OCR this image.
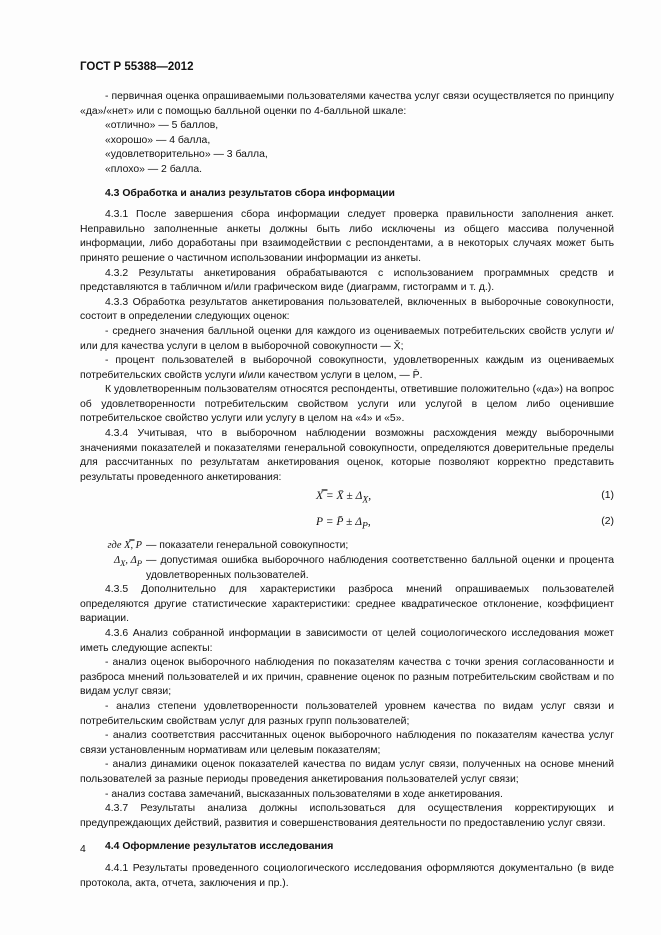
ГОСТ Р 55388—2012

- первичная оценка опрашиваемыми пользователями качества услуг связи осуществляется по принципу «да»/«нет» или с помощью балльной оценки по 4-балльной шкале:

«отлично» — 5 баллов,
«хорошо» — 4 балла,
«удовлетворительно» — 3 балла,
«плохо» — 2 балла.
4.3 Обработка и анализ результатов сбора информации

4.3.1 После завершения сбора информации следует проверка правильности заполнения анкет. Неправильно заполненные анкеты должны быть либо исключены из общего массива полученной информации, либо доработаны при взаимодействии с респондентами, а в некоторых случаях может быть принято решение о частичном использовании информации из анкеты.

4.3.2 Результаты анкетирования обрабатываются с использованием программных средств и представляются в табличном и/или графическом виде (диаграмм, гистограмм и т. д.).

4.3.3 Обработка результатов анкетирования пользователей, включенных в выборочные совокупности, состоит в определении следующих оценок:

- среднего значения балльной оценки для каждого из оцениваемых потребительских свойств услуги и/или для качества услуги в целом в выборочной совокупности — X̄;

- процент пользователей в выборочной совокупности, удовлетворенных каждым из оцениваемых потребительских свойств услуги и/или качеством услуги в целом, — P̄.

К удовлетворенным пользователям относятся респонденты, ответившие положительно («да») на вопрос об удовлетворенности потребительским свойством услуги или услугой в целом либо оценившие потребительское свойство услуги или услугу в целом на «4» и «5».

4.3.4 Учитывая, что в выборочном наблюдении возможны расхождения между выборочными значениями показателей и показателями генеральной совокупности, определяются доверительные пределы для рассчитанных по результатам анкетирования оценок, которые позволяют корректно представить результаты проведенного анкетирования:

X̿ = X̄ ± $\Delta_X$,	(1)
P = P̄ ± $\Delta_P$,	(2)
где X̿, P — показатели генеральной совокупности;
$\Delta_X$, $\Delta_P$ — допустимая ошибка выборочного наблюдения соответственно балльной оценки и процента удовлетворенных пользователей.

4.3.5 Дополнительно для характеристики разброса мнений опрашиваемых пользователей определяются другие статистические характеристики: среднее квадратическое отклонение, коэффициент вариации.

4.3.6 Анализ собранной информации в зависимости от целей социологического исследования может иметь следующие аспекты:

- анализ оценок выборочного наблюдения по показателям качества с точки зрения согласованности и разброса мнений пользователей и их причин, сравнение оценок по разным потребительским свойствам и по видам услуг связи;

- анализ степени удовлетворенности пользователей уровнем качества по видам услуг связи и потребительским свойствам услуг для разных групп пользователей;

- анализ соответствия рассчитанных оценок выборочного наблюдения по показателям качества услуг связи установленным нормативам или целевым показателям;

- анализ динамики оценок показателей качества по видам услуг связи, полученных на основе мнений пользователей за разные периоды проведения анкетирования пользователей услуг связи;

- анализ состава замечаний, высказанных пользователями в ходе анкетирования.

4.3.7 Результаты анализа должны использоваться для осуществления корректирующих и предупреждающих действий, развития и совершенствования деятельности по предоставлению услуг связи.

4.4 Оформление результатов исследования

4.4.1 Результаты проведенного социологического исследования оформляются документально (в виде протокола, акта, отчета, заключения и пр.).

4
